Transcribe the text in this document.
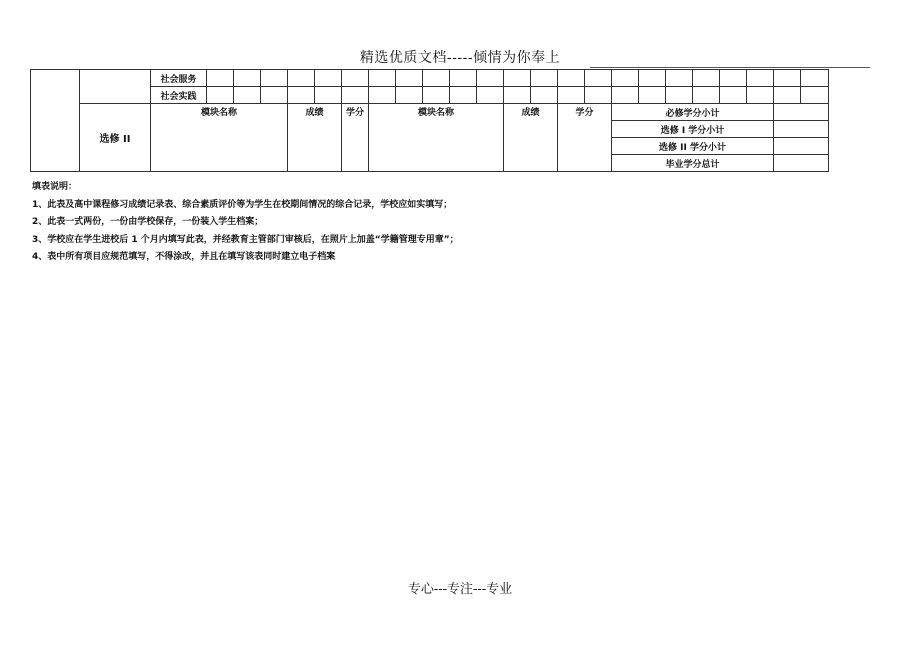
精选优质文档-----倾情为你奉上
		社会服务																							
		社会实践																							
	选修 II	模块名称				成绩		学分	模块名称					成绩		学分		必修学分小计							
																		选修 I 学分小计							
																		选修 II 学分小计							
																		毕业学分总计							
填表说明：
1、此表及高中课程修习成绩记录表、综合素质评价等为学生在校期间情况的综合记录，学校应如实填写；
2、此表一式两份，一份由学校保存，一份装入学生档案；
3、学校应在学生进校后 1 个月内填写此表，并经教育主管部门审核后，在照片上加盖“学籍管理专用章”；
4、表中所有项目应规范填写，不得涂改，并且在填写该表同时建立电子档案
专心---专注---专业
